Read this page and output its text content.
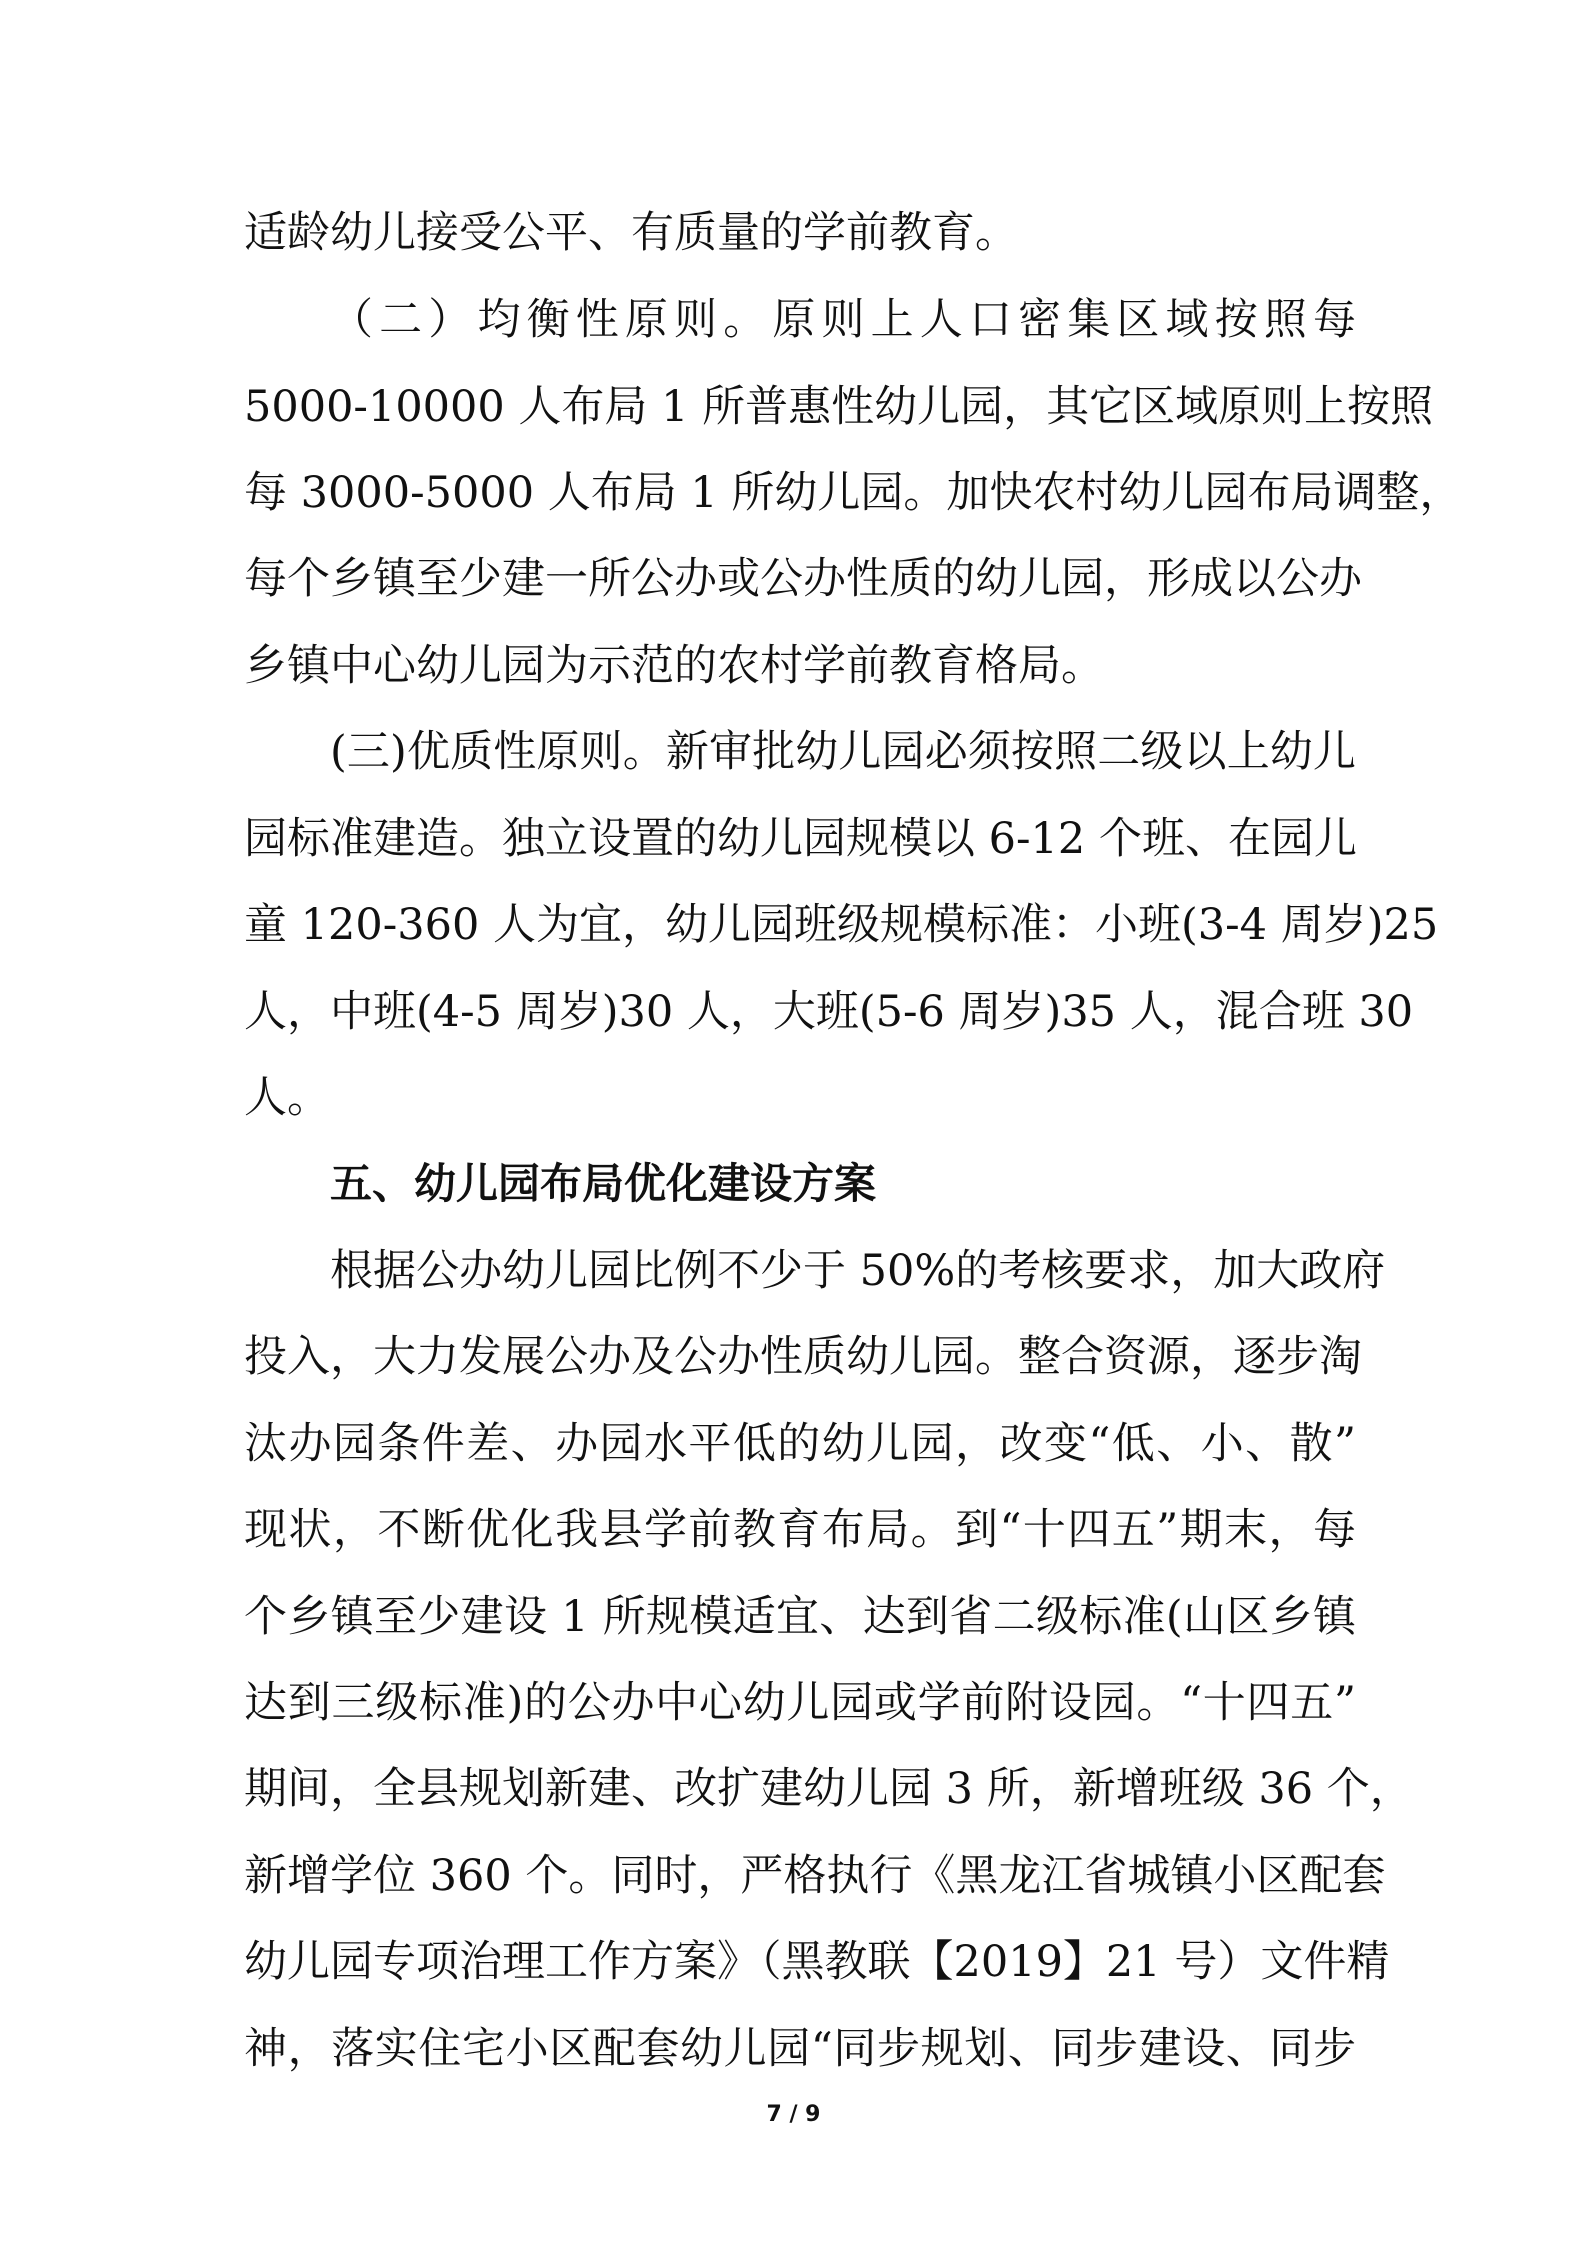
适龄幼儿接受公平、有质量的学前教育。
（二）均衡性原则。原则上人口密集区域按照每
5000-10000 人布局 1 所普惠性幼儿园，其它区域原则上按照
每 3000-5000 人布局 1 所幼儿园。加快农村幼儿园布局调整，
每个乡镇至少建一所公办或公办性质的幼儿园，形成以公办
乡镇中心幼儿园为示范的农村学前教育格局。
(三)优质性原则。新审批幼儿园必须按照二级以上幼儿
园标准建造。独立设置的幼儿园规模以 6-12 个班、在园儿
童 120-360 人为宜，幼儿园班级规模标准：小班(3-4 周岁)25
人，中班(4-5 周岁)30 人，大班(5-6 周岁)35 人，混合班 30
人。
五、幼儿园布局优化建设方案
根据公办幼儿园比例不少于 50%的考核要求，加大政府
投入，大力发展公办及公办性质幼儿园。整合资源，逐步淘
汰办园条件差、办园水平低的幼儿园，改变“低、小、散”
现状，不断优化我县学前教育布局。到“十四五”期末，每
个乡镇至少建设 1 所规模适宜、达到省二级标准(山区乡镇
达到三级标准)的公办中心幼儿园或学前附设园。“十四五”
期间，全县规划新建、改扩建幼儿园 3 所，新增班级 36 个，
新增学位 360 个。同时，严格执行《黑龙江省城镇小区配套
幼儿园专项治理工作方案》（黑教联【2019】21 号）文件精
神，落实住宅小区配套幼儿园“同步规划、同步建设、同步
7 / 9
